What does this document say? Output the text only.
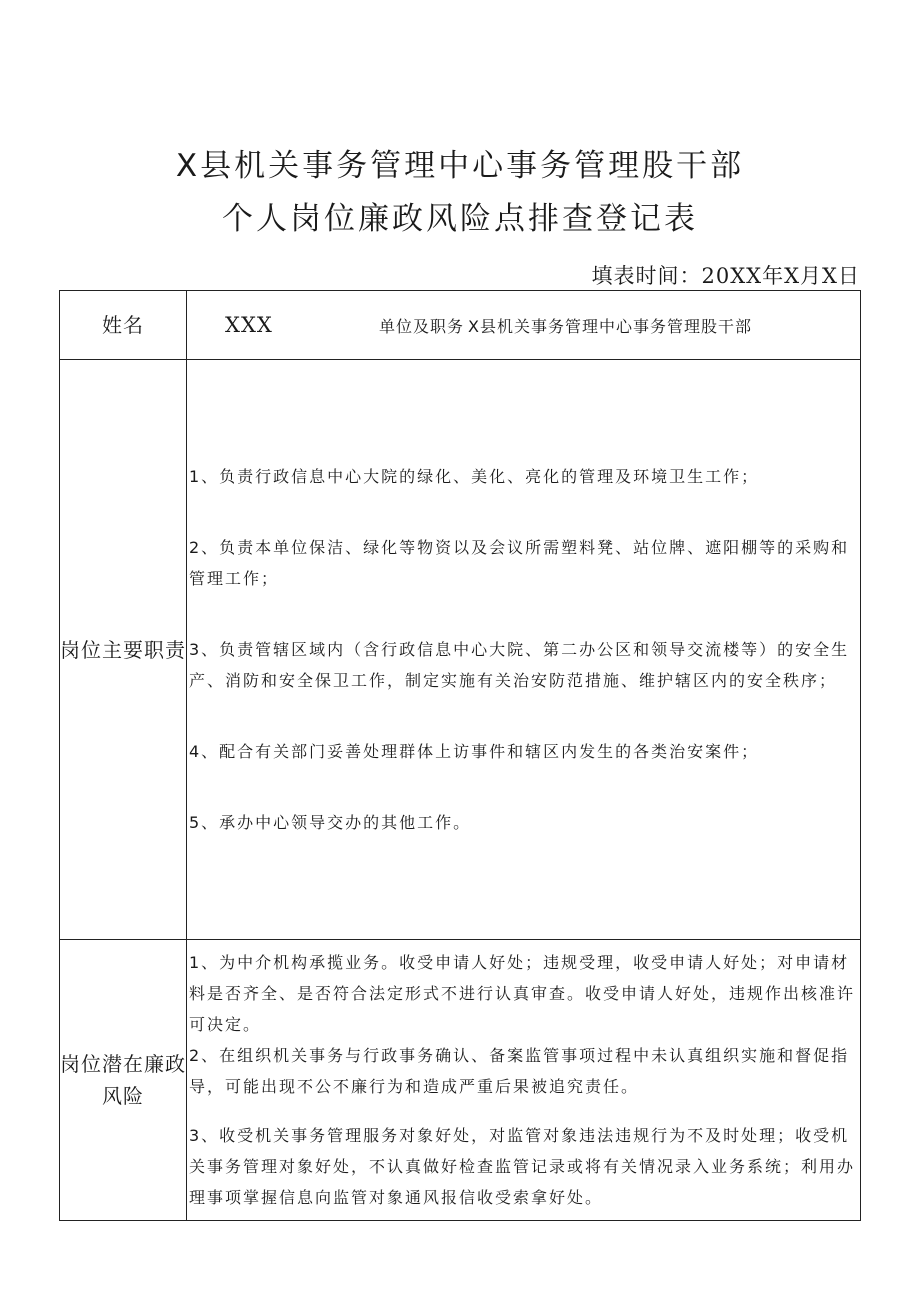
X县机关事务管理中心事务管理股干部
个人岗位廉政风险点排查登记表
填表时间：20XX年X月X日
姓名	XXX 单位及职务 X县机关事务管理中心事务管理股干部

岗位主要职责	1、负责行政信息中心大院的绿化、美化、亮化的管理及环境卫生工作；

2、负责本单位保洁、绿化等物资以及会议所需塑料凳、站位牌、遮阳棚等的采购和管理工作；

3、负责管辖区域内（含行政信息中心大院、第二办公区和领导交流楼等）的安全生产、消防和安全保卫工作，制定实施有关治安防范措施、维护辖区内的安全秩序；

4、配合有关部门妥善处理群体上访事件和辖区内发生的各类治安案件；

5、承办中心领导交办的其他工作。

岗位潜在廉政风险	1、为中介机构承揽业务。收受申请人好处；违规受理，收受申请人好处；对申请材料是否齐全、是否符合法定形式不进行认真审查。收受申请人好处，违规作出核准许可决定。

2、在组织机关事务与行政事务确认、备案监管事项过程中未认真组织实施和督促指导，可能出现不公不廉行为和造成严重后果被追究责任。

3、收受机关事务管理服务对象好处，对监管对象违法违规行为不及时处理；收受机关事务管理对象好处，不认真做好检查监管记录或将有关情况录入业务系统；利用办理事项掌握信息向监管对象通风报信收受索拿好处。
